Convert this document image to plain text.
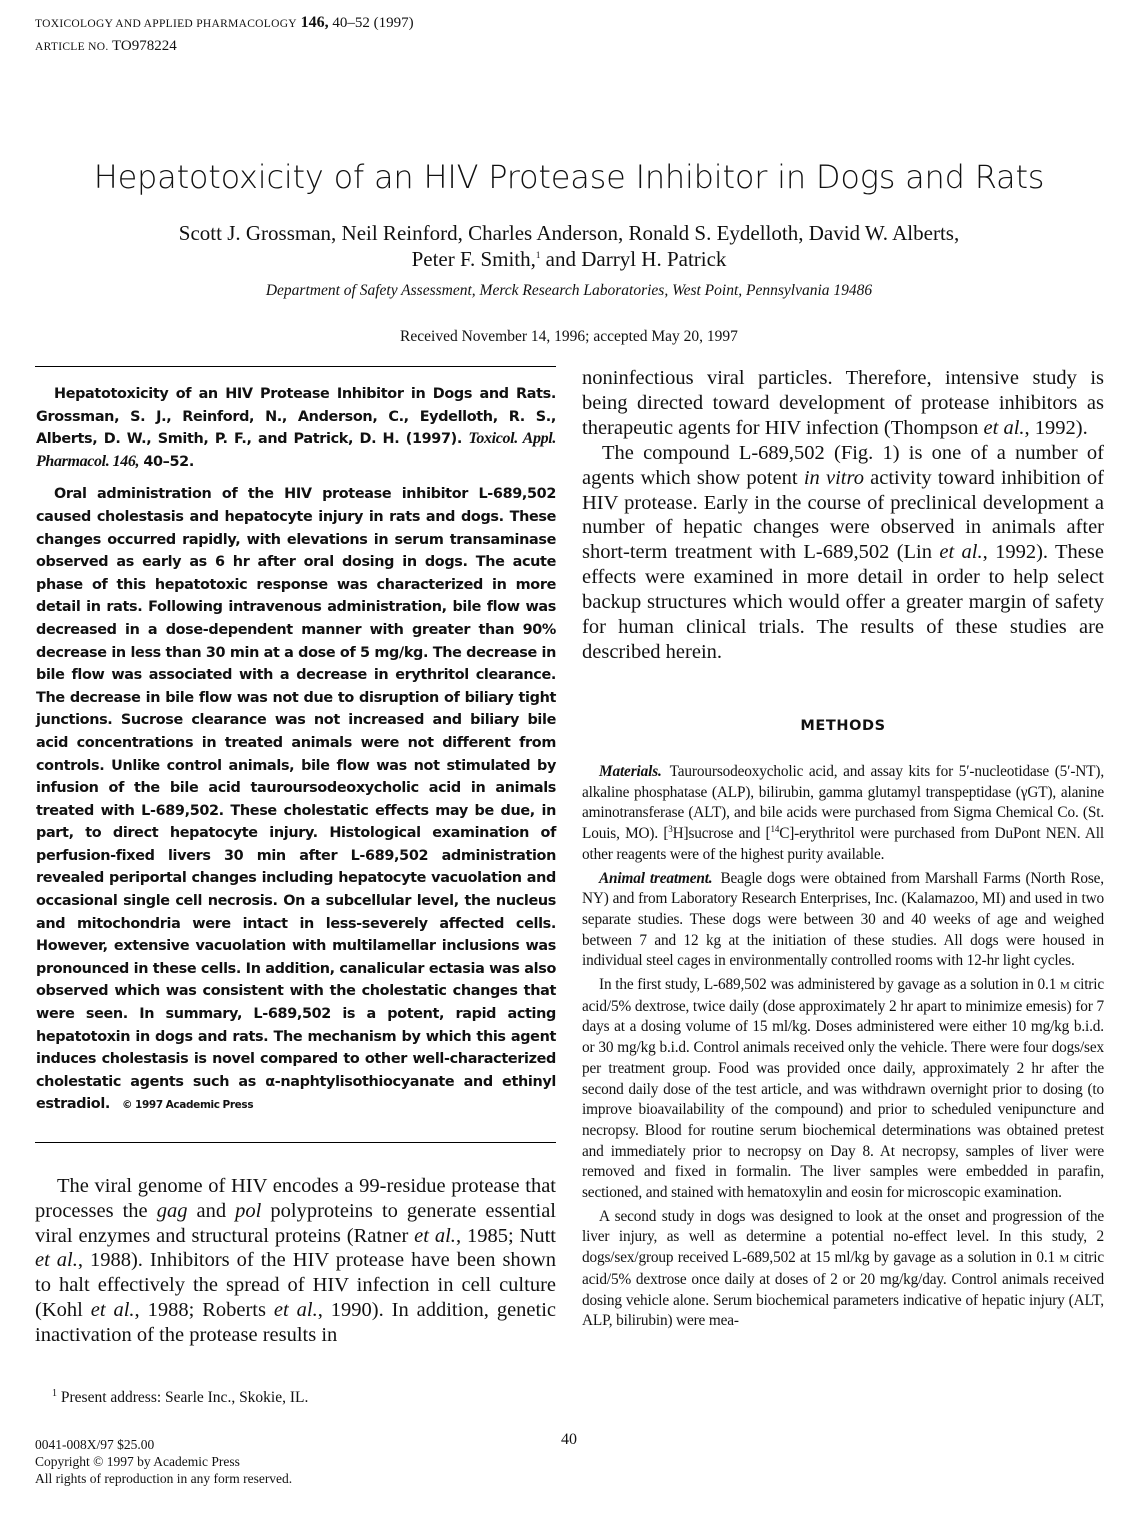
TOXICOLOGY AND APPLIED PHARMACOLOGY 146, 40–52 (1997)
ARTICLE NO. TO978224
Hepatotoxicity of an HIV Protease Inhibitor in Dogs and Rats
Scott J. Grossman, Neil Reinford, Charles Anderson, Ronald S. Eydelloth, David W. Alberts,
Peter F. Smith,$^1$ and Darryl H. Patrick
Department of Safety Assessment, Merck Research Laboratories, West Point, Pennsylvania 19486
Received November 14, 1996; accepted May 20, 1997

Hepatotoxicity of an HIV Protease Inhibitor in Dogs and Rats. Grossman, S. J., Reinford, N., Anderson, C., Eydelloth, R. S., Alberts, D. W., Smith, P. F., and Patrick, D. H. (1997). Toxicol. Appl. Pharmacol. 146, 40–52.

Oral administration of the HIV protease inhibitor L-689,502 caused cholestasis and hepatocyte injury in rats and dogs. These changes occurred rapidly, with elevations in serum transaminase observed as early as 6 hr after oral dosing in dogs. The acute phase of this hepatotoxic response was characterized in more detail in rats. Following intravenous administration, bile flow was decreased in a dose-dependent manner with greater than 90% decrease in less than 30 min at a dose of 5 mg/kg. The decrease in bile flow was associated with a decrease in erythritol clearance. The decrease in bile flow was not due to disruption of biliary tight junctions. Sucrose clearance was not increased and biliary bile acid concentrations in treated animals were not different from controls. Unlike control animals, bile flow was not stimulated by infusion of the bile acid tauroursodeoxycholic acid in animals treated with L-689,502. These cholestatic effects may be due, in part, to direct hepatocyte injury. Histological examination of perfusion-fixed livers 30 min after L-689,502 administration revealed periportal changes including hepatocyte vacuolation and occasional single cell necrosis. On a subcellular level, the nucleus and mitochondria were intact in less-severely affected cells. However, extensive vacuolation with multilamellar inclusions was pronounced in these cells. In addition, canalicular ectasia was also observed which was consistent with the cholestatic changes that were seen. In summary, L-689,502 is a potent, rapid acting hepatotoxin in dogs and rats. The mechanism by which this agent induces cholestasis is novel compared to other well-characterized cholestatic agents such as α-naphtylisothiocyanate and ethinyl estradiol. © 1997 Academic Press

The viral genome of HIV encodes a 99-residue protease that processes the gag and pol polyproteins to generate essential viral enzymes and structural proteins (Ratner et al., 1985; Nutt et al., 1988). Inhibitors of the HIV protease have been shown to halt effectively the spread of HIV infection in cell culture (Kohl et al., 1988; Roberts et al., 1990). In addition, genetic inactivation of the protease results in

$^1$ Present address: Searle Inc., Skokie, IL.
0041-008X/97 $25.00
Copyright © 1997 by Academic Press
All rights of reproduction in any form reserved.
40

noninfectious viral particles. Therefore, intensive study is being directed toward development of protease inhibitors as therapeutic agents for HIV infection (Thompson et al., 1992).

The compound L-689,502 (Fig. 1) is one of a number of agents which show potent in vitro activity toward inhibition of HIV protease. Early in the course of preclinical development a number of hepatic changes were observed in animals after short-term treatment with L-689,502 (Lin et al., 1992). These effects were examined in more detail in order to help select backup structures which would offer a greater margin of safety for human clinical trials. The results of these studies are described herein.

METHODS

Materials. Tauroursodeoxycholic acid, and assay kits for 5′-nucleotidase (5′-NT), alkaline phosphatase (ALP), bilirubin, gamma glutamyl transpeptidase (γGT), alanine aminotransferase (ALT), and bile acids were purchased from Sigma Chemical Co. (St. Louis, MO). [$^3$H]sucrose and [$^{14}$C]-erythritol were purchased from DuPont NEN. All other reagents were of the highest purity available.

Animal treatment. Beagle dogs were obtained from Marshall Farms (North Rose, NY) and from Laboratory Research Enterprises, Inc. (Kalamazoo, MI) and used in two separate studies. These dogs were between 30 and 40 weeks of age and weighed between 7 and 12 kg at the initiation of these studies. All dogs were housed in individual steel cages in environmentally controlled rooms with 12-hr light cycles.

In the first study, L-689,502 was administered by gavage as a solution in 0.1 M citric acid/5% dextrose, twice daily (dose approximately 2 hr apart to minimize emesis) for 7 days at a dosing volume of 15 ml/kg. Doses administered were either 10 mg/kg b.i.d. or 30 mg/kg b.i.d. Control animals received only the vehicle. There were four dogs/sex per treatment group. Food was provided once daily, approximately 2 hr after the second daily dose of the test article, and was withdrawn overnight prior to dosing (to improve bioavailability of the compound) and prior to scheduled venipuncture and necropsy. Blood for routine serum biochemical determinations was obtained pretest and immediately prior to necropsy on Day 8. At necropsy, samples of liver were removed and fixed in formalin. The liver samples were embedded in parafin, sectioned, and stained with hematoxylin and eosin for microscopic examination.

A second study in dogs was designed to look at the onset and progression of the liver injury, as well as determine a potential no-effect level. In this study, 2 dogs/sex/group received L-689,502 at 15 ml/kg by gavage as a solution in 0.1 M citric acid/5% dextrose once daily at doses of 2 or 20 mg/kg/day. Control animals received dosing vehicle alone. Serum biochemical parameters indicative of hepatic injury (ALT, ALP, bilirubin) were mea-
